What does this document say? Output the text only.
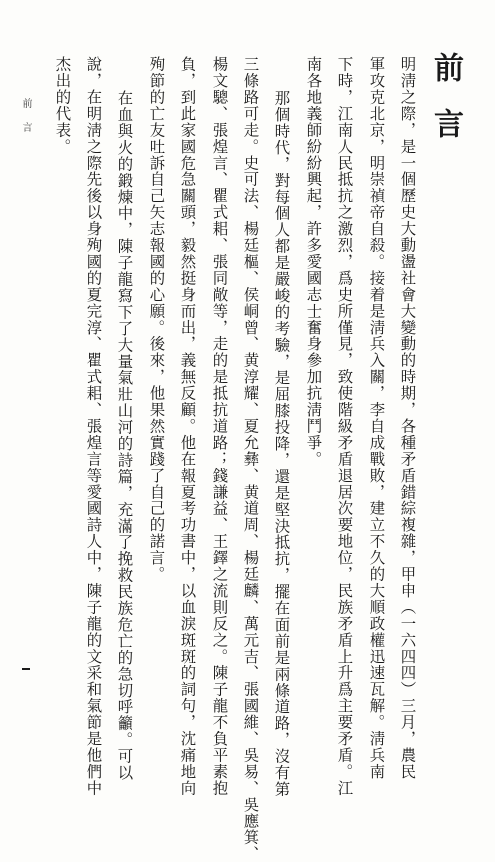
前言
明淸之際，是一個歷史大動盪社會大變動的時期，各種矛盾錯綜複雜，甲申（一六四四）三月，農民
軍攻克北京，明崇禎帝自殺。接着是淸兵入關，李自成戰敗，建立不久的大順政權迅速瓦解。淸兵南
下時，江南人民抵抗之激烈，爲史所僅見，致使階級矛盾退居次要地位，民族矛盾上升爲主要矛盾。江
南各地義師紛紛興起，許多愛國志士奮身參加抗淸鬥爭。
那個時代，對每個人都是嚴峻的考驗，是屈膝投降，還是堅決抵抗，擺在面前是兩條道路，沒有第
三條路可走。史可法、楊廷樞、侯峒曾、黄淳耀、夏允彝、黄道周、楊廷麟、萬元吉、張國維、吳易、吳應箕、
楊文驄、張煌言、瞿式耜、張同敞等，走的是抵抗道路；錢謙益、王鐸之流則反之。陳子龍不負平素抱
負，到此家國危急關頭，毅然挺身而出，義無反顧。他在報夏考功書中，以血淚斑斑的詞句，沈痛地向
殉節的亡友吐訴自己矢志報國的心願。後來，他果然實踐了自己的諾言。
在血與火的鍛煉中，陳子龍寫下了大量氣壯山河的詩篇，充滿了挽救民族危亡的急切呼籲。可以
說，在明淸之際先後以身殉國的夏完淳、瞿式耜、張煌言等愛國詩人中，陳子龍的文采和氣節是他們中
杰出的代表。
前言
